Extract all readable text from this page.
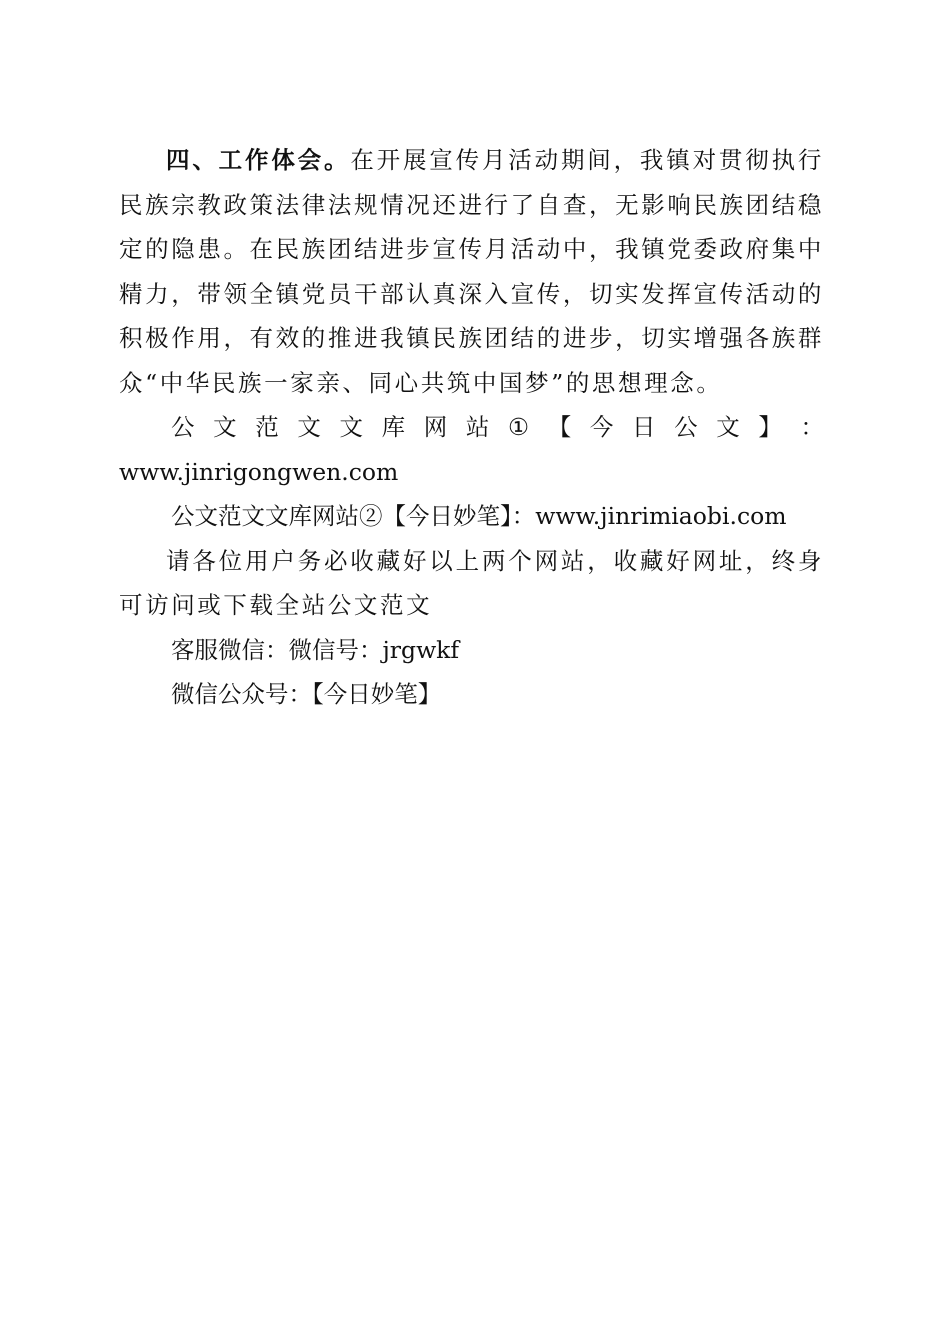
四、工作体会。在开展宣传月活动期间，我镇对贯彻执行民族宗教政策法律法规情况还进行了自查，无影响民族团结稳定的隐患。在民族团结进步宣传月活动中，我镇党委政府集中精力，带领全镇党员干部认真深入宣传，切实发挥宣传活动的积极作用，有效的推进我镇民族团结的进步，切实增强各族群众“中华民族一家亲、同心共筑中国梦”的思想理念。

公 文 范 文 文 库 网 站 ① 【 今 日 公 文 】 ：

www.jinrigongwen.com

公文范文文库网站②【今日妙笔】：www.jinrimiaobi.com

请各位用户务必收藏好以上两个网站，收藏好网址，终身可访问或下载全站公文范文

客服微信：微信号：jrgwkf

微信公众号：【今日妙笔】
